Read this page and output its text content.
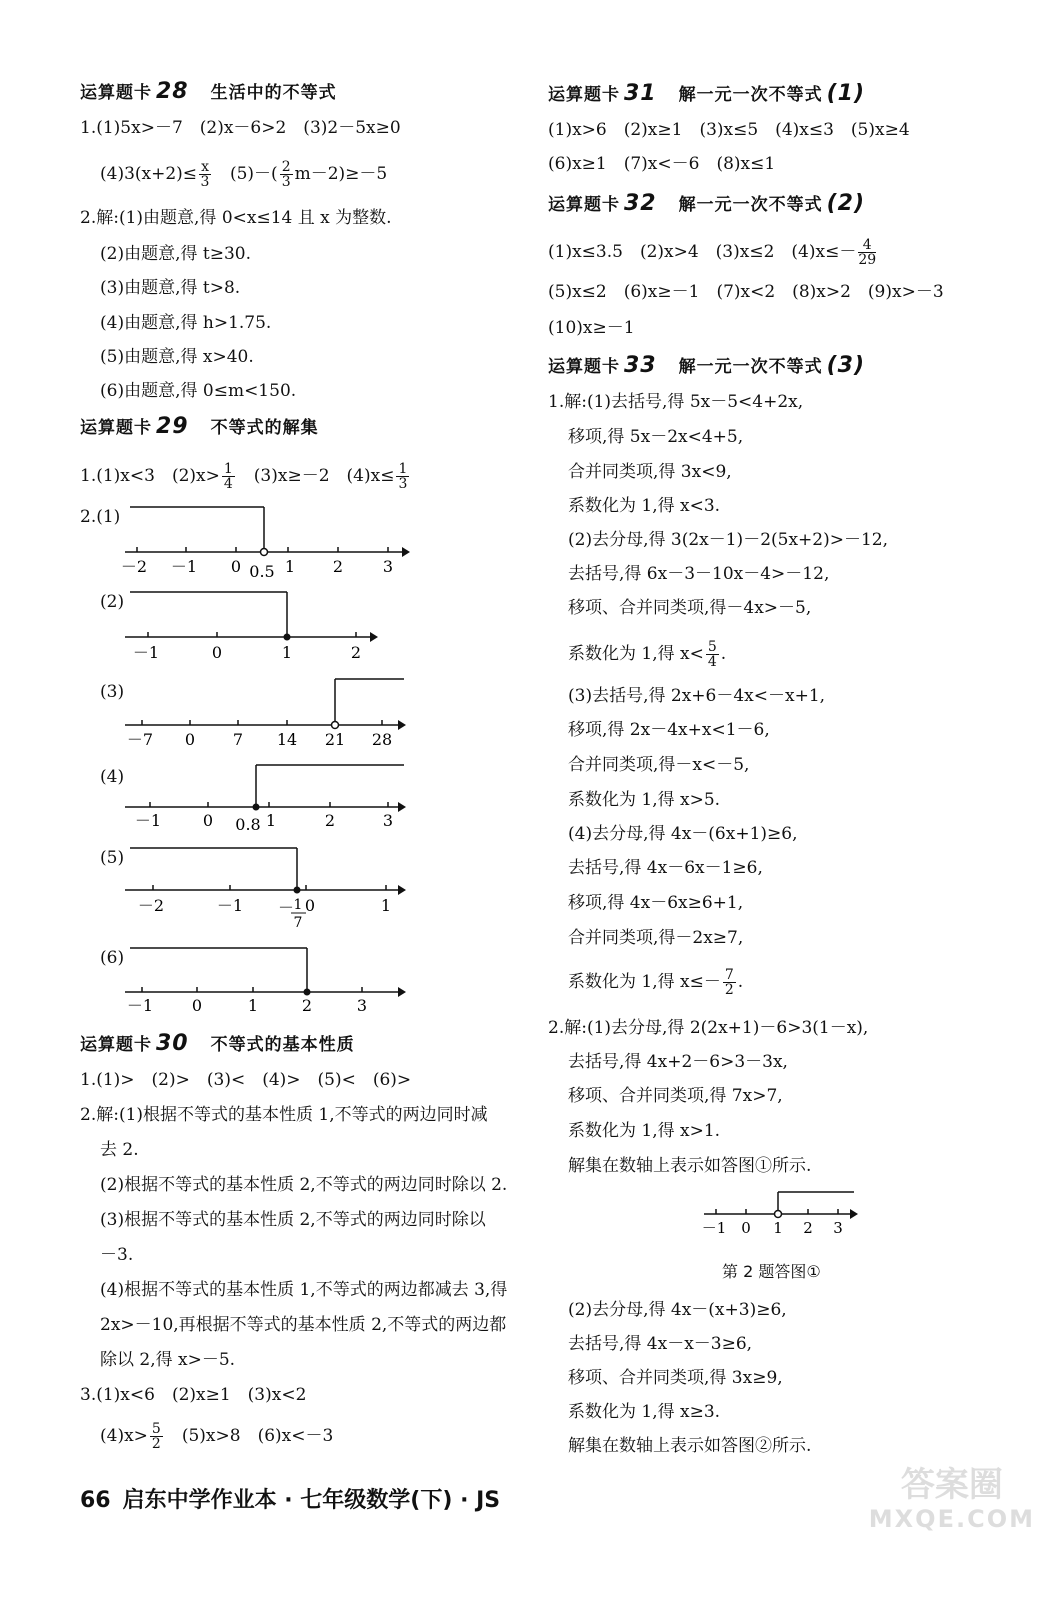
运算题卡 28 生活中的不等式
1.(1)5x>－7　(2)x－6>2　(3)2－5x≥0
$(4)3(x+2)\le \frac{x}{3}$ 　$(5)-( \frac{2}{3} m-2)\ge-5$
2.解:(1)由题意,得 0<x≤14 且 x 为整数.
(2)由题意,得 t≥30.
(3)由题意,得 t>8.
(4)由题意,得 h>1.75.
(5)由题意,得 x>40.
(6)由题意,得 0≤m<150.
运算题卡 29 不等式的解集
1.(1)x<3　$(2)x> \frac{1}{4}$ 　(3)x≥－2　$(4)x\le \frac{1}{3}$
2.(1)
－2 －1 0 0.5 1 2 3
(2)
－1	0	1	2
(3)
－7 0 7 14 21 28
(4)
－1	0 0.8 1	2	3
(5)
－2	－1 － 1
7
0	1
(6)
－1 0	1	2	3
运算题卡 30 不等式的基本性质
1.(1)>　(2)>　(3)<　(4)>　(5)<　(6)>
2.解:(1)根据不等式的基本性质 1,不等式的两边同时减
去 2.
(2)根据不等式的基本性质 2,不等式的两边同时除以 2.
(3)根据不等式的基本性质 2,不等式的两边同时除以
－3.
(4)根据不等式的基本性质 1,不等式的两边都减去 3,得
2x>－10,再根据不等式的基本性质 2,不等式的两边都
除以 2,得 x>－5.
3.(1)x<6　(2)x≥1　(3)x<2
$(4)x> \frac{5}{2}$ 　(5)x>8　(6)x<－3
运算题卡 31 解一元一次不等式 (1)
(1)x>6　(2)x≥1　(3)x≤5　(4)x≤3　(5)x≥4
(6)x≥1　(7)x<－6　(8)x≤1
运算题卡 32 解一元一次不等式 (2)
(1)x≤3.5　(2)x>4　(3)x≤2　$(4)x\le- \frac{4}{29}$
(5)x≤2　(6)x≥－1　(7)x<2　(8)x>2　(9)x>－3
(10)x≥－1
运算题卡 33 解一元一次不等式 (3)
1.解:(1)去括号,得 5x－5<4+2x,
移项,得 5x－2x<4+5,
合并同类项,得 3x<9,
系数化为 1,得 x<3.
(2)去分母,得 3(2x－1)－2(5x+2)>－12,
去括号,得 6x－3－10x－4>－12,
移项、合并同类项,得－4x>－5,
系数化为 1,得 $x< \frac{5}{4}$ .
(3)去括号,得 2x+6－4x<－x+1,
移项,得 2x－4x+x<1－6,
合并同类项,得－x<－5,
系数化为 1,得 x>5.
(4)去分母,得 4x－(6x+1)≥6,
去括号,得 4x－6x－1≥6,
移项,得 4x－6x≥6+1,
合并同类项,得－2x≥7,
系数化为 1,得 $x\le- \frac{7}{2}$ .
2.解:(1)去分母,得 2(2x+1)－6>3(1－x),
去括号,得 4x+2－6>3－3x,
移项、合并同类项,得 7x>7,
系数化为 1,得 x>1.
解集在数轴上表示如答图①所示.
－1 0 1 2 3
第 2 题答图①
(2)去分母,得 4x－(x+3)≥6,
去括号,得 4x－x－3≥6,
移项、合并同类项,得 3x≥9,
系数化为 1,得 x≥3.
解集在数轴上表示如答图②所示.
66 启东中学作业本 · 七年级数学(下) · JS	答案圈
MXQE.COM
